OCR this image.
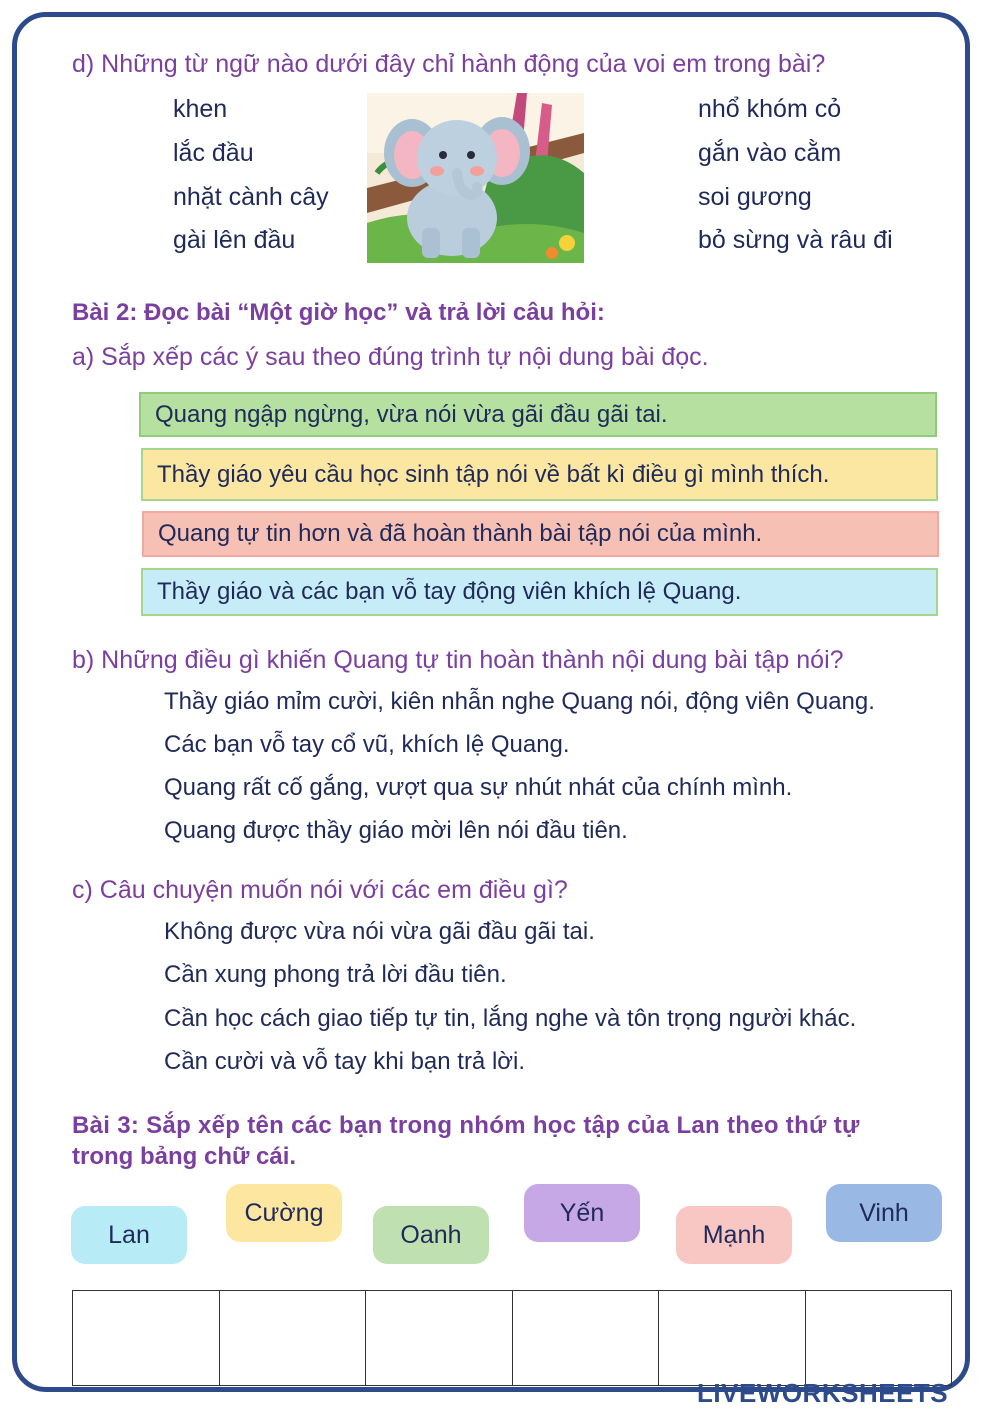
d) Những từ ngữ nào dưới đây chỉ hành động của voi em trong bài?
khen
lắc đầu
nhặt cành cây
gài lên đầu
nhổ khóm cỏ
gắn vào cằm
soi gương
bỏ sừng và râu đi
Bài 2: Đọc bài “Một giờ học” và trả lời câu hỏi:
a) Sắp xếp các ý sau theo đúng trình tự nội dung bài đọc.
Quang ngập ngừng, vừa nói vừa gãi đầu gãi tai.
Thầy giáo yêu cầu học sinh tập nói về bất kì điều gì mình thích.
Quang tự tin hơn và đã hoàn thành bài tập nói của mình.
Thầy giáo và các bạn vỗ tay động viên khích lệ Quang.
b) Những điều gì khiến Quang tự tin hoàn thành nội dung bài tập nói?
Thầy giáo mỉm cười, kiên nhẫn nghe Quang nói, động viên Quang.
Các bạn vỗ tay cổ vũ, khích lệ Quang.
Quang rất cố gắng, vượt qua sự nhút nhát của chính mình.
Quang được thầy giáo mời lên nói đầu tiên.
c) Câu chuyện muốn nói với các em điều gì?
Không được vừa nói vừa gãi đầu gãi tai.
Cần xung phong trả lời đầu tiên.
Cần học cách giao tiếp tự tin, lắng nghe và tôn trọng người khác.
Cần cười và vỗ tay khi bạn trả lời.
Bài 3: Sắp xếp tên các bạn trong nhóm học tập của Lan theo thứ tự
trong bảng chữ cái.
Lan
Cường
Oanh
Yến
Mạnh
Vinh

LIVEWORKSHEETS
